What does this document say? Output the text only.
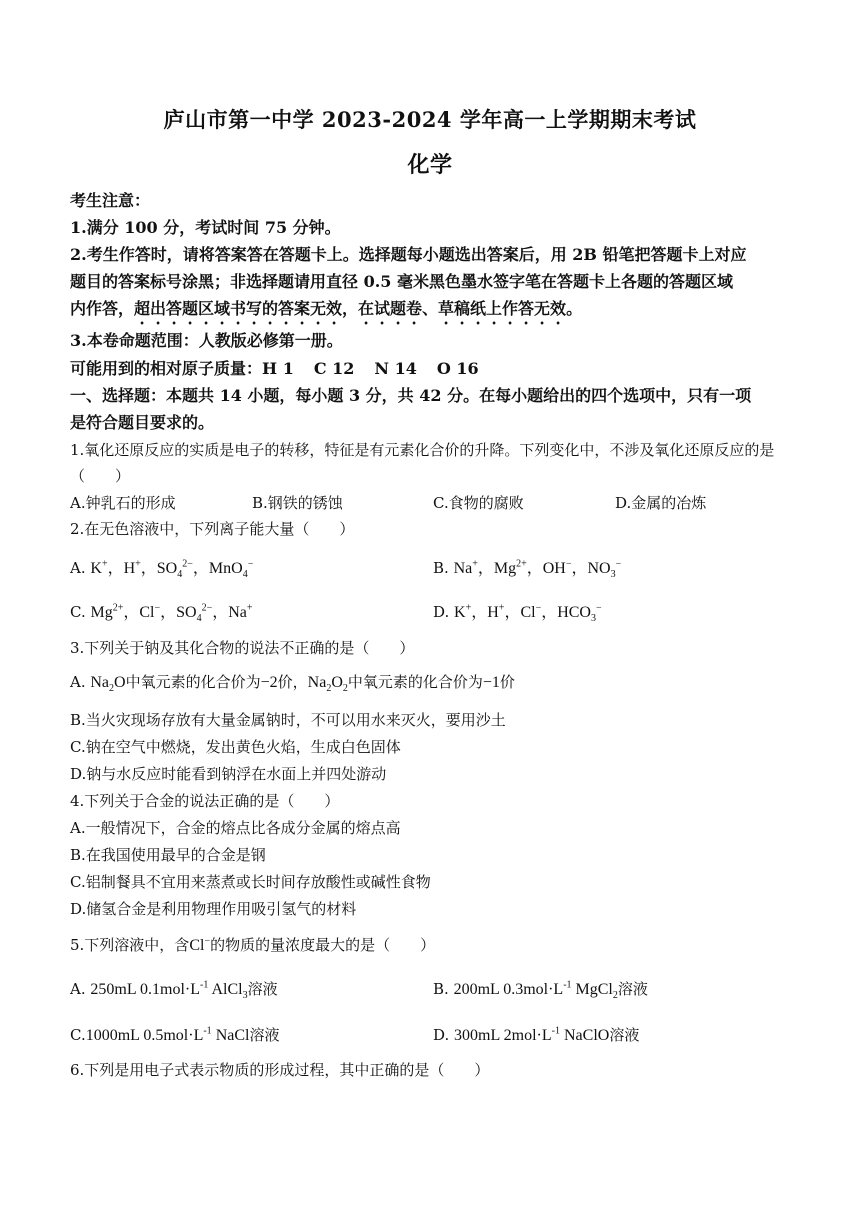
庐山市第一中学 2023-2024 学年高一上学期期末考试
化学
考生注意：
1.满分 100 分，考试时间 75 分钟。
2.考生作答时，请将答案答在答题卡上。选择题每小题选出答案后，用 2B 铅笔把答题卡上对应
题目的答案标号涂黑；非选择题请用直径 0.5 毫米黑色墨水签字笔在答题卡上各题的答题区域
内作答，超出答题区域书写的答案无效，在试题卷、草稿纸上作答无效。
3.本卷命题范围：人教版必修第一册。
可能用到的相对原子质量：H 1 C 12 N 14 O 16
一、选择题：本题共 14 小题，每小题 3 分，共 42 分。在每小题给出的四个选项中，只有一项
是符合题目要求的。
1.氧化还原反应的实质是电子的转移，特征是有元素化合价的升降。下列变化中，不涉及氧化还原反应的是
（　　）
A.钟乳石的形成	B.钢铁的锈蚀	C.食物的腐败	D.金属的冶炼
2.在无色溶液中，下列离子能大量（　　）
A. K+，H+，$SO_4^{2-}$，MnO$_4$−	B. Na+，$Mg^{2+}$，OH−，$NO_3^-$
C. $Mg^{2+}$，Cl−，$SO_4^{2-}$，Na+	D. K+，H+，Cl−，$HCO_3^-$
3.下列关于钠及其化合物的说法不正确的是（　　）
A. $Na_2O$中氧元素的化合价为−2价，$Na_2O_2$中氧元素的化合价为−1价
B.当火灾现场存放有大量金属钠时，不可以用水来灭火，要用沙土
C.钠在空气中燃烧，发出黄色火焰，生成白色固体
D.钠与水反应时能看到钠浮在水面上并四处游动
4.下列关于合金的说法正确的是（　　）
A.一般情况下，合金的熔点比各成分金属的熔点高
B.在我国使用最早的合金是钢
C.铝制餐具不宜用来蒸煮或长时间存放酸性或碱性食物
D.储氢合金是利用物理作用吸引氢气的材料
5.下列溶液中，含Cl−的物质的量浓度最大的是（　　）
A. 250mL $0.1mol\cdot L^{-1}$ AlCl$_3$溶液	B. 200mL $0.3mol\cdot L^{-1}$ MgCl$_2$溶液
C.1000mL $0.5mol\cdot L^{-1}$ NaCl溶液	D. 300mL $2mol\cdot L^{-1}$ NaClO溶液
6.下列是用电子式表示物质的形成过程，其中正确的是（　　）
